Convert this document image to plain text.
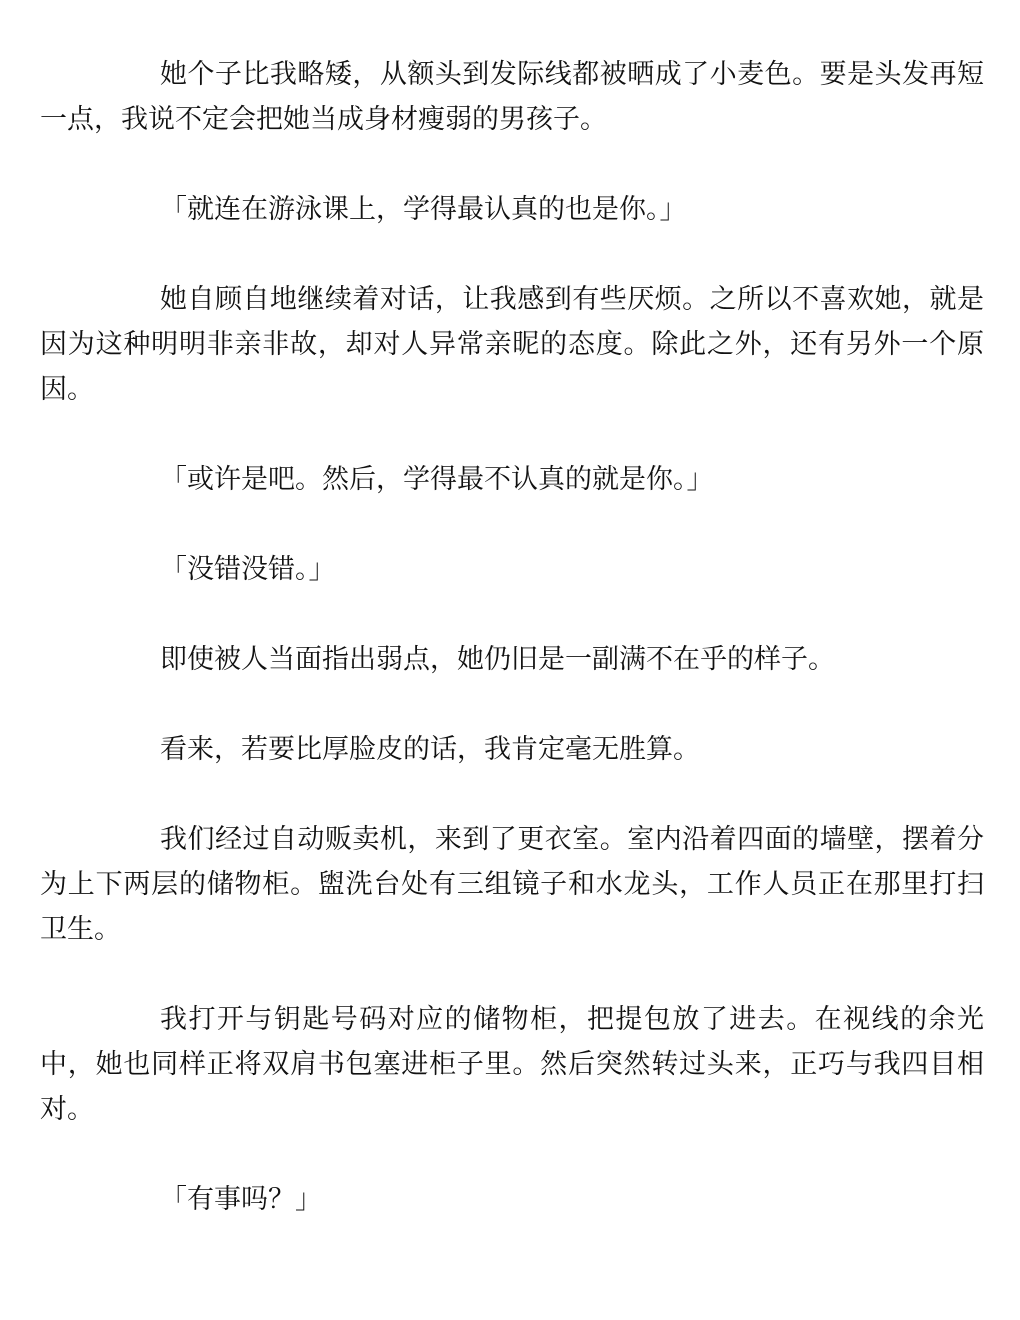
她个子比我略矮，从额头到发际线都被晒成了小麦色。要是头发再短一点，我说不定会把她当成身材瘦弱的男孩子。

「就连在游泳课上，学得最认真的也是你。」

她自顾自地继续着对话，让我感到有些厌烦。之所以不喜欢她，就是因为这种明明非亲非故，却对人异常亲昵的态度。除此之外，还有另外一个原因。

「或许是吧。然后，学得最不认真的就是你。」

「没错没错。」

即使被人当面指出弱点，她仍旧是一副满不在乎的样子。

看来，若要比厚脸皮的话，我肯定毫无胜算。

我们经过自动贩卖机，来到了更衣室。室内沿着四面的墙壁，摆着分为上下两层的储物柜。盥洗台处有三组镜子和水龙头，工作人员正在那里打扫卫生。

我打开与钥匙号码对应的储物柜，把提包放了进去。在视线的余光中，她也同样正将双肩书包塞进柜子里。然后突然转过头来，正巧与我四目相对。

「有事吗？」
